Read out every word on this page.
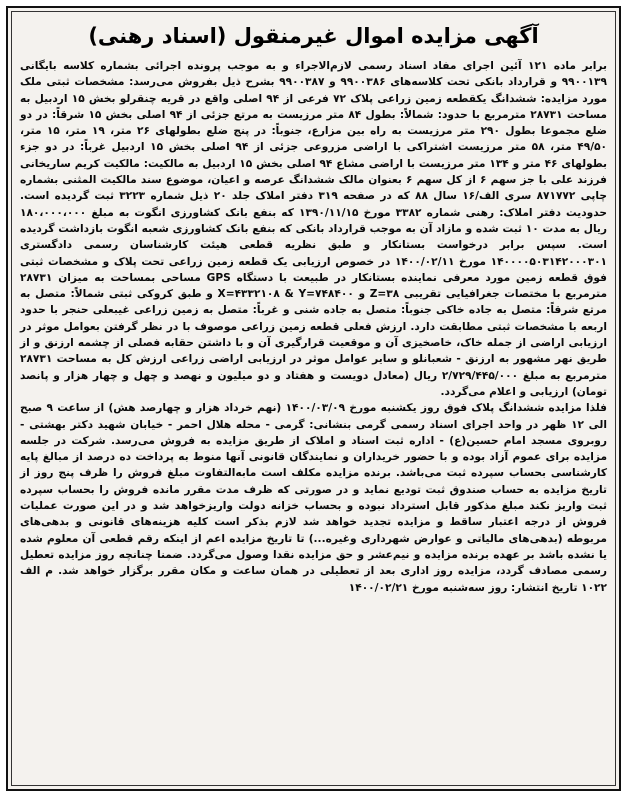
آگهی مزایده اموال غیرمنقول (اسناد رهنی)

برابر ماده ۱۲۱ آئین اجرای مفاد اسناد رسمی لازم‌الاجراء و به موجب پرونده اجرائی بشماره کلاسه بایگانی ۹۹۰۰۱۳۹ و قرارداد بانکی تحت کلاسه‌های ۹۹۰۰۳۸۶ و ۹۹۰۰۳۸۷ بشرح ذیل بفروش می‌رسد: مشخصات ثبتی ملک مورد مزایده: ششدانگ یکقطعه زمین زراعی پلاک ۷۲ فرعی از ۹۴ اصلی واقع در قریه چنقرلو بخش ۱۵ اردبیل به مساحت ۲۸۷۳۱ مترمربع با حدود: شمالاً: بطول ۸۴ متر مرزیست به مرتع جزئی از ۹۴ اصلی بخش ۱۵ شرقاً: در دو ضلع مجموعا بطول ۲۹۰ متر مرزیست به راه بین مزارع، جنوباً: در پنج ضلع بطولهای ۲۶ متر، ۱۹ متر، ۱۵ متر، ۴۹/۵۰ متر، ۵۸ متر مرزیست اشتراکی با اراضی مزروعی جزئی از ۹۴ اصلی بخش ۱۵ اردبیل غرباً: در دو جزء بطولهای ۴۶ متر و ۱۳۴ متر مرزیست با اراضی مشاع ۹۴ اصلی بخش ۱۵ اردبیل به مالکیت: مالکیت کریم ساریخانی فرزند علی با جز سهم ۶ از کل سهم ۶ بعنوان مالک ششدانگ عرصه و اعیان، موضوع سند مالکیت المثنی بشماره چاپی ۸۷۱۷۷۲ سری الف/۱۶ سال ۸۸ که در صفحه ۳۱۹ دفتر املاک جلد ۲۰ ذیل شماره ۳۲۲۳ ثبت گردیده است. حدودیت دفتر املاک: رهنی شماره ۳۳۸۲ مورخ ۱۳۹۰/۱۱/۱۵ که بنفع بانک کشاورزی انگوت به مبلغ ۱۸۰،۰۰۰،۰۰۰ ریال به مدت ۱۰ ثبت شده و مازاد آن به موجب قرارداد بانکی که بنفع بانک کشاورزی شعبه انگوت بازداشت گردیده است. سپس برابر درخواست بستانکار و طبق نظریه قطعی هیئت کارشناسان رسمی دادگستری ۱۴۰۰۰۰۵۰۳۱۴۲۰۰۰۳۰۱ مورخ ۱۴۰۰/۰۲/۱۱ در خصوص ارزیابی یک قطعه زمین زراعی تحت پلاک و مشخصات ثبتی فوق قطعه زمین مورد معرفی نماینده بستانکار در طبیعت با دستگاه GPS مساحی بمساحت به میزان ۲۸۷۳۱ مترمربع با مختصات جغرافیایی تقریبی Z=۳۸ و X=۴۳۳۲۱۰۸ & Y=۷۴۸۴۰۰ و طبق کروکی ثبتی شمالاً: متصل به مرتع شرقاً: متصل به جاده خاکی جنوباً: متصل به جاده شنی و غرباً: متصل به زمین زراعی غیبعلی حنجر با حدود اربعه با مشخصات ثبتی مطابقت دارد. ارزش فعلی قطعه زمین زراعی موصوف با در نظر گرفتن بعوامل موثر در ارزیابی اراضی از جمله خاک، خاصخیزی آن و موقعیت قرارگیری آن و با داشتن حقابه فصلی از چشمه ارزنق و از طریق نهر مشهور به ارزنق - شعبانلو و سایر عوامل موثر در ارزیابی اراضی زراعی ارزش کل به مساحت ۲۸۷۳۱ مترمربع به مبلغ ۲/۷۲۹/۴۴۵/۰۰۰ ریال (معادل دویست و هفتاد و دو میلیون و نهصد و چهل و چهار هزار و پانصد تومان) ارزیابی و اعلام می‌گردد.

فلذا مزایده ششدانگ پلاک فوق روز یکشنبه مورخ ۱۴۰۰/۰۳/۰۹ (نهم خرداد هزار و چهارصد هش) از ساعت ۹ صبح الی ۱۲ ظهر در واحد اجرای اسناد رسمی گرمی بنشانی: گرمی - محله هلال احمر - خیابان شهید دکتر بهشتی - روبروی مسجد امام حسین(ع) - اداره ثبت اسناد و املاک از طریق مزایده به فروش می‌رسد. شرکت در جلسه مزایده برای عموم آزاد بوده و با حضور خریداران و نمایندگان قانونی آنها منوط به پرداخت ده درصد از مبالغ پایه کارشناسی بحساب سپرده ثبت می‌باشد. برنده مزایده مکلف است مابه‌التفاوت مبلغ فروش را ظرف پنج روز از تاریخ مزایده به حساب صندوق ثبت تودیع نماید و در صورتی که ظرف مدت مقرر مانده فروش را بحساب سپرده ثبت واریز نکند مبلغ مذکور قابل استرداد نبوده و بحساب خزانه دولت واریزخواهد شد و در این صورت عملیات فروش از درجه اعتبار ساقط و مزایده تجدید خواهد شد لازم بذکر است کلیه هزینه‌های قانونی و بدهی‌های مربوطه (بدهی‌های مالیاتی و عوارض شهرداری وغیره...) تا تاریخ مزایده اعم از اینکه رقم قطعی آن معلوم شده یا نشده باشد بر عهده برنده مزایده و نیم‌عشر و حق مزایده نقدا وصول می‌گردد. ضمنا چنانچه روز مزایده تعطیل رسمی مصادف گردد، مزایده روز اداری بعد از تعطیلی در همان ساعت و مکان مقرر برگزار خواهد شد. م الف ۱۰۲۲ تاریخ انتشار: روز سه‌شنبه مورخ ۱۴۰۰/۰۲/۲۱
